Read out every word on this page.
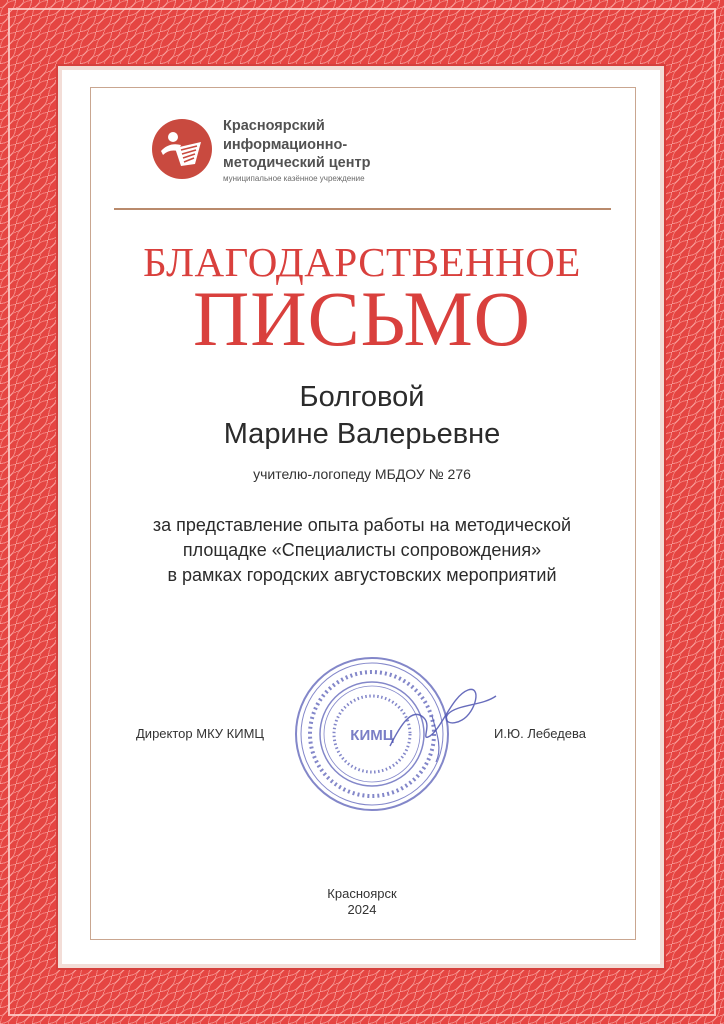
Красноярский
информационно-
методический центр
муниципальное казённое учреждение
БЛАГОДАРСТВЕННОЕ
ПИСЬМО
Болговой
Марине Валерьевне
учителю-логопеду МБДОУ № 276
за представление опыта работы на методической
площадке «Специалисты сопровождения»
в рамках городских августовских мероприятий
Директор МКУ КИМЦ	КИМЦ	И.Ю. Лебедева
Красноярск
2024
